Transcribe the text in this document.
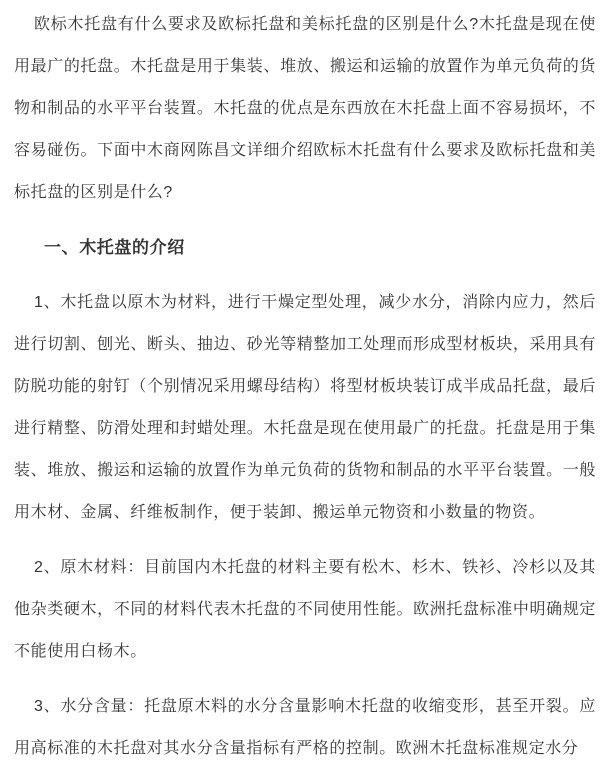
欧标木托盘有什么要求及欧标托盘和美标托盘的区别是什么?木托盘是现在使用最广的托盘。木托盘是用于集装、堆放、搬运和运输的放置作为单元负荷的货物和制品的水平平台装置。木托盘的优点是东西放在木托盘上面不容易损坏，不容易碰伤。下面中木商网陈昌文详细介绍欧标木托盘有什么要求及欧标托盘和美标托盘的区别是什么?

一、木托盘的介绍

1、木托盘以原木为材料，进行干燥定型处理，减少水分，消除内应力，然后进行切割、刨光、断头、抽边、砂光等精整加工处理而形成型材板块，采用具有防脱功能的射钉（个别情况采用螺母结构）将型材板块装订成半成品托盘，最后进行精整、防滑处理和封蜡处理。木托盘是现在使用最广的托盘。托盘是用于集装、堆放、搬运和运输的放置作为单元负荷的货物和制品的水平平台装置。一般用木材、金属、纤维板制作，便于装卸、搬运单元物资和小数量的物资。

2、原木材料：目前国内木托盘的材料主要有松木、杉木、铁衫、冷杉以及其他杂类硬木，不同的材料代表木托盘的不同使用性能。欧洲托盘标准中明确规定不能使用白杨木。

3、水分含量：托盘原木料的水分含量影响木托盘的收缩变形，甚至开裂。应用高标准的木托盘对其水分含量指标有严格的控制。欧洲木托盘标准规定水分
